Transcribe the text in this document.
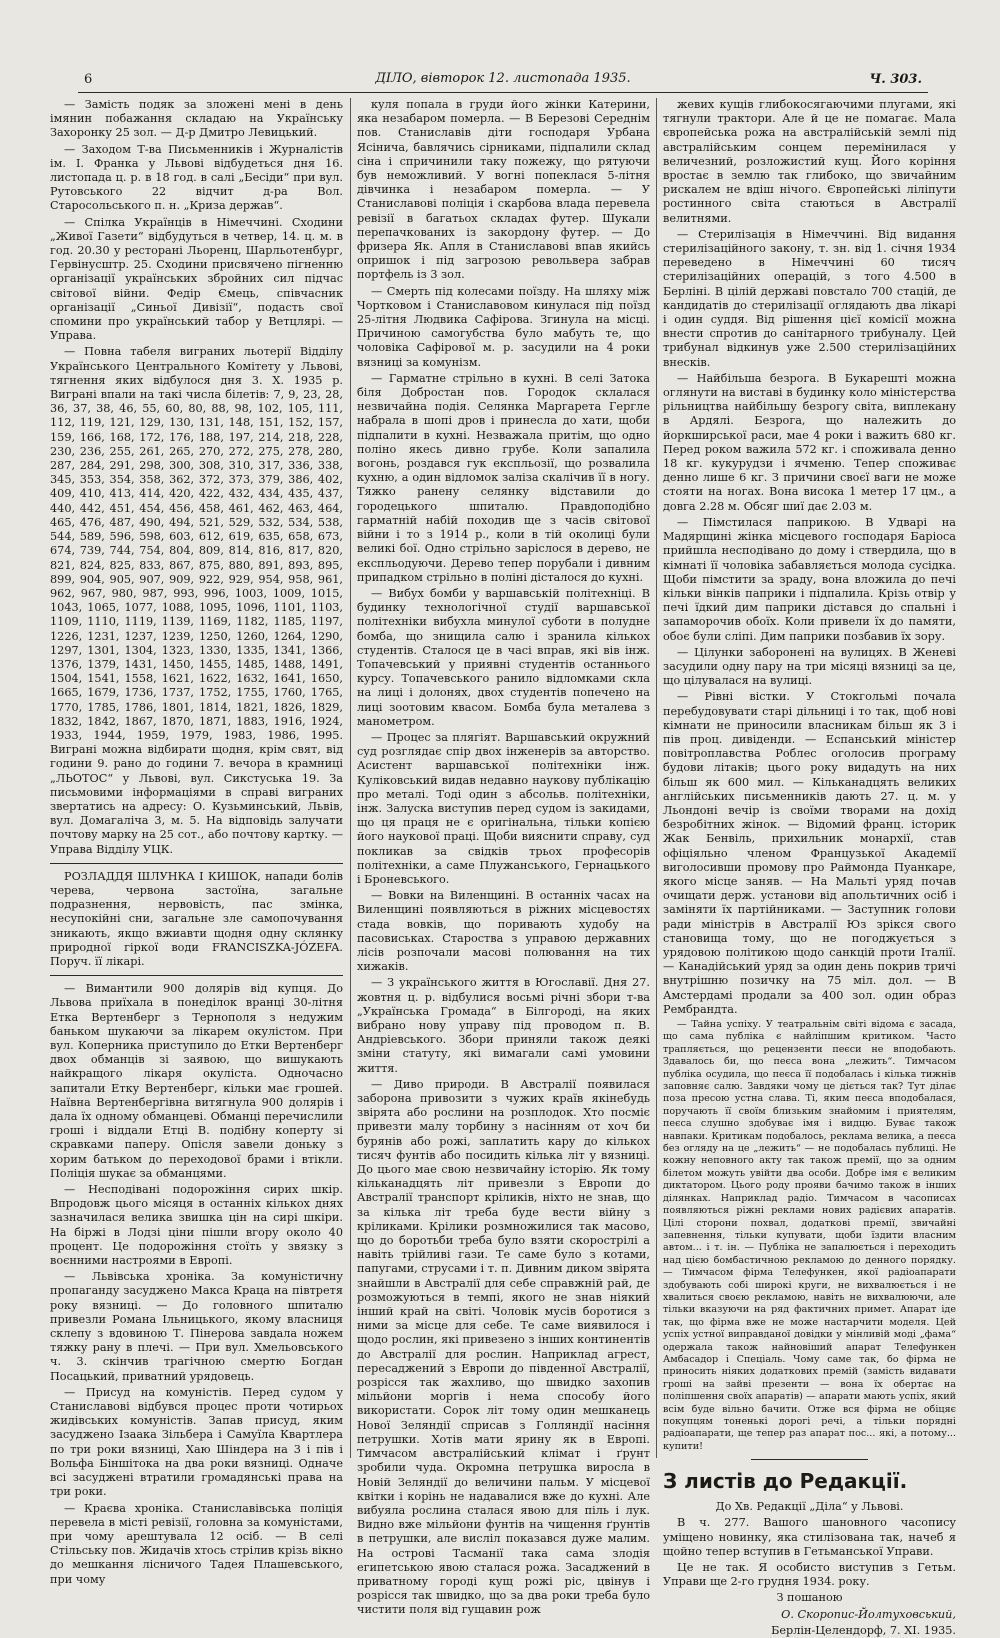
6	ДІЛО, вівторок 12. листопада 1935.	Ч. 303.

— Замість подяк за зложені мені в день імянин побажання складаю на Українську Захоронку 25 зол. — Д-р Дмитро Левицький.

— Заходом Т-ва Письменників і Журналістів ім. І. Франка у Львові відбудеться дня 16. листопада ц. р. в 18 год. в салі „Бесіди“ при вул. Рутовського 22 відчит д-ра Вол. Старосольського п. н. „Криза держав“.

— Спілка Українців в Німеччині. Сходини „Живої Газети“ відбудуться в четвер, 14. ц. м. в год. 20.30 у ресторані Льоренц, Шарльотенбург, Гервінусштр. 25. Сходини присвячено пігненню організації українських збройних сил підчас світової війни. Федір Ємець, співчасник організації „Синьої Дивізії“, подасть свої спомини про український табор у Ветцлярі. — Управа.

— Повна табеля виграних льотерії Відділу Українського Центрального Комітету у Львові, тягнення яких відбулося дня 3. Х. 1935 р. Виграні впали на такі числа білетів: 7, 9, 23, 28, 36, 37, 38, 46, 55, 60, 80, 88, 98, 102, 105, 111, 112, 119, 121, 129, 130, 131, 148, 151, 152, 157, 159, 166, 168, 172, 176, 188, 197, 214, 218, 228, 230, 236, 255, 261, 265, 270, 272, 275, 278, 280, 287, 284, 291, 298, 300, 308, 310, 317, 336, 338, 345, 353, 354, 358, 362, 372, 373, 379, 386, 402, 409, 410, 413, 414, 420, 422, 432, 434, 435, 437, 440, 442, 451, 454, 456, 458, 461, 462, 463, 464, 465, 476, 487, 490, 494, 521, 529, 532, 534, 538, 544, 589, 596, 598, 603, 612, 619, 635, 658, 673, 674, 739, 744, 754, 804, 809, 814, 816, 817, 820, 821, 824, 825, 833, 867, 875, 880, 891, 893, 895, 899, 904, 905, 907, 909, 922, 929, 954, 958, 961, 962, 967, 980, 987, 993, 996, 1003, 1009, 1015, 1043, 1065, 1077, 1088, 1095, 1096, 1101, 1103, 1109, 1110, 1119, 1139, 1169, 1182, 1185, 1197, 1226, 1231, 1237, 1239, 1250, 1260, 1264, 1290, 1297, 1301, 1304, 1323, 1330, 1335, 1341, 1366, 1376, 1379, 1431, 1450, 1455, 1485, 1488, 1491, 1504, 1541, 1558, 1621, 1622, 1632, 1641, 1650, 1665, 1679, 1736, 1737, 1752, 1755, 1760, 1765, 1770, 1785, 1786, 1801, 1814, 1821, 1826, 1829, 1832, 1842, 1867, 1870, 1871, 1883, 1916, 1924, 1933, 1944, 1959, 1979, 1983, 1986, 1995. Виграні можна відбирати щодня, крім свят, від години 9. рано до години 7. вечора в крамниці „ЛЬОТОС“ у Львові, вул. Сикстуська 19. За письмовими інформаціями в справі виграних звертатись на адресу: О. Кузьминський, Львів, вул. Домагаліча 3, м. 5. На відповідь залучати почтову марку на 25 сот., або почтову картку. — Управа Відділу УЦК.

РОЗЛАДДЯ ШЛУНКА І КИШОК, напади болів черева, червона застоїна, загальне подразнення, нервовість, пас змінка, несупокійні сни, загальне зле самопочування зникають, якщо вжиавти щодня одну склянку природної гіркої води FRANCISZKA-JÓZEFA. Поруч. її лікарі.

— Вимантили 900 долярів від купця. До Львова приїхала в понеділок вранці 30-літня Етка Вертенберг з Тернополя з недужим баньком шукаючи за лікарем окулістом. При вул. Коперника приступило до Етки Вертенберг двох обманців зі заявою, що вишукають найкращого лікаря окуліста. Одночасно запитали Етку Вертенберг, кільки має грошей. Наївна Вертенбергівна витягнула 900 долярів і дала їх одному обманцеві. Обманці перечислили гроші і віддали Етці В. подібну коперту зі скравками паперу. Опісля завели доньку з хорим батьком до переходової брами і втікли. Поліція шукає за обманцями.

— Несподівані подорожіння сирих шкір. Впродовж цього місяця в останніх кількох днях зазначилася велика звишка цін на сирі шкіри. На біржі в Лодзі ціни пішли вгору около 40 процент. Це подорожіння стоїть у звязку з воєнними настроями в Европі.

— Львівська хроніка. За комуністичну пропаганду засуджено Макса Краца на півтретя року вязниці. — До головного шпиталю привезли Романа Ільницького, якому власниця склепу з вдовиною Т. Пінерова завдала ножем тяжку рану в плечі. — При вул. Хмельовського ч. 3. скінчив трагічною смертю Богдан Посацький, приватний урядовець.

— Присуд на комуністів. Перед судом у Станиславові відбувся процес проти чотирьох жидівських комуністів. Запав присуд, яким засуджено Ізаака Зільбера і Самуїла Квартлера по три роки вязниці, Хаю Шіндера на 3 і пів і Вольфа Біншітока на два роки вязниці. Одначе всі засуджені втратили громадянські права на три роки.

— Краєва хроніка. Станиславівська поліція перевела в місті ревізії, головна за комуністами, при чому арештувала 12 осіб. — В селі Стільську пов. Жидачів хтось стрілив крізь вікно до мешкання лісничого Тадея Плашевського, при чому

куля попала в груди його жінки Катерини, яка незабаром померла. — В Березові Середнім пов. Станиславів діти господаря Урбана Ясінича, бавлячись сірниками, підпалили склад сіна і спричинили таку пожежу, що рятуючи був неможливий. У вогні попеклася 5-літня дівчинка і незабаром померла. — У Станиславові поліція і скарбова влада перевела ревізії в багатьох складах футер. Шукали перепачкованих із закордону футер. — До фризера Як. Апля в Станиславові впав якийсь опришок і під загрозою револьвера забрав портфель із 3 зол.

— Смерть під колесами поїзду. На шляху між Чортковом і Станиславовом кинулася під поїзд 25-літня Людвика Сафірова. Згинула на місці. Причиною самогубства було мабуть те, що чоловіка Сафірової м. р. засудили на 4 роки вязниці за комунізм.

— Гарматне стрільно в кухні. В селі Затока біля Добростан пов. Городок склалася незвичайна подія. Селянка Маргарета Гергле набрала в шопі дров і принесла до хати, щоби підпалити в кухні. Незважала притім, що одно поліно якесь дивно грубе. Коли запалила вогонь, роздався гук експльозії, що розвалила кухню, а один відломок заліза скалічив її в ногу. Тяжко ранену селянку відставили до городецького шпиталю. Правдоподібно гарматній набій походив ще з часів світової війни і то з 1914 р., коли в тій околиці були великі бої. Одно стрільно заріслося в дерево, не експльодуючи. Дерево тепер порубали і дивним припадком стрільно в поліні дісталося до кухні.

— Вибух бомби у варшавській політехніці. В будинку технологічної студії варшавської політехніки вибухла минулої суботи в полудне бомба, що знищила салю і зранила кількох студентів. Сталося це в часі вправ, які вів інж. Топачевський у приявні студентів останнього курсу. Топачевського ранило відломками скла на лиці і долонях, двох студентів попечено на лиці зоотовим квасом. Бомба була металева з манометром.

— Процес за плягіят. Варшавський окружний суд розглядає спір двох інженерів за авторство. Асистент варшавської політехніки інж. Куліковський видав недавно наукову публікацію про металі. Тоді один з абсольв. політехніки, інж. Залуска виступив перед судом із закидами, що ця праця не є оригінальна, тільки копією його наукової праці. Щоби вияснити справу, суд покликав за свідків трьох професорів політехніки, а саме Плужанського, Гернацького і Броневського.

— Вовки на Виленщині. В останніх часах на Виленщині появляються в ріжних місцевостях стада вовків, що поривають худобу на пасовиськах. Староства з управою державних лісів розпочали масові полювання на тих хижаків.

— З українського життя в Югославії. Дня 27. жовтня ц. р. відбулися восьмі річні збори т-ва „Українська Громада“ в Білгороді, на яких вибрано нову управу під проводом п. В. Андріевського. Збори приняли також деякі зміни статуту, які вимагали самі умовини життя.

— Диво природи. В Австралії появилася заборона привозити з чужих країв якінебудь звірята або рослини на розплодок. Хто посміє привезти малу торбину з насінням от хоч би бурянів або рожі, заплатить кару до кількох тисяч фунтів або посидить кілька літ у вязниці. До цього мае свою незвичайну історію. Як тому кільканадцять літ привезли з Европи до Австралії транспорт кріликів, ніхто не знав, що за кілька літ треба буде вести війну з кріликами. Крілики розмножилися так масово, що до боротьби треба було взяти скорострілі а навіть трійливі гази. Те саме було з котами, папугами, струсами і т. п. Дивним диком звірята знайшли в Австралії для себе справжній рай, де розможуються в темпі, якого не знав ніякий інший край на світі. Чоловік мусів боротися з ними за місце для себе. Те саме виявилося і щодо рослин, які привезено з інших континентів до Австралії для рослин. Наприклад агрест, пересаджений з Европи до південної Австралії, розрісся так жахливо, що швидко захопив мільйони моргів і нема способу його використати. Сорок літ тому один мешканець Нової Зеляндії сприсав з Голляндії насіння петрушки. Хотів мати ярину як в Европі. Тимчасом австралійський клімат і ґрунт зробили чуда. Окромна петрушка виросла в Новій Зеляндії до величини пальм. У місцевої квітки і корінь не надавалися вже до кухні. Але вибуяла рослина сталася явою для піль і лук. Видно вже мільйони фунтів на чищення ґрунтів в петрушки, але висліл показався дуже малим. На острові Тасманії така сама злодія египетською явою сталася рожа. Засаджений в приватному городі кущ рожі ріс, цвінув і розрісся так швидко, що за два роки треба було чистити поля від гущавин рож

жевих кущів глибокосягаючими плугами, які тягнули трактори. Але й це не помагає. Мала європейська рожа на австралійській землі під австралійським сонцем перемінилася у величезний, розложистий кущ. Його коріння вростає в землю так глибоко, що звичайним рискалем не вдіш нічого. Європейські ліліпути ростинного світа стаються в Австралії велитнями.

— Стерилізація в Німеччині. Від видання стерилізаційного закону, т. зн. від 1. січня 1934 переведено в Німеччині 60 тисяч стерилізаційних операцій, з того 4.500 в Берліні. В цілій державі повстало 700 стацій, де кандидатів до стерилізації оглядають два лікарі і один суддя. Від рішення цієї комісії можна внести спротив до санітарного трибуналу. Цей трибунал відкинув уже 2.500 стерилізаційних внесків.

— Найбільша безрога. В Букарешті можна оглянути на виставі в будинку коло міністерства рільництва найбільшу безрогу світа, виплекану в Ардялі. Безрога, що належить до йоркширської раси, мае 4 роки і важить 680 кг. Перед роком важила 572 кг. і споживала денно 18 кг. кукурудзи і ячменю. Тепер споживає денно лише 6 кг. З причини своєї ваги не може стояти на ногах. Вона висока 1 метер 17 цм., а довга 2.28 м. Обсяг шиї дає 2.03 м.

— Пімстилася паприкою. В Удварі на Мадярщині жінка місцевого господаря Баріоса прийшла несподівано до дому і ствердила, що в кімнаті її чоловіка забавляється молода сусідка. Щоби пімстити за зраду, вона вложила до печі кільки вінків паприки і підпалила. Крізь отвір у печі їдкий дим паприки дістався до спальні і запаморочив обоїх. Коли привели їх до памяти, обоє були сліпі. Дим паприки позбавив їх зору.

— Цілунки заборонені на вулицях. В Женеві засудили одну пару на три місяці вязниці за це, що цілувалася на вулиці.

— Рівні вістки. У Стокгольмі почала перебудовувати старі дільниці і то так, щоб нові кімнати не приносили власникам більш як 3 і пів проц. дивіденди. — Еспанський міністер повітроплавства Роблес оголосив програму будови літаків; цього року видадуть на них більш як 600 мил. — Кільканадцять великих англійських письменників дають 27. ц. м. у Льондоні вечір із своїми творами на дохід безробітних жінок. — Відомий франц. історик Жак Бенвіль, прихильник монархії, став офіціяльно членом Французької Академії виголосивши промову про Раймонда Пуанкаре, якого місце заняв. — На Мальті уряд почав очищати держ. установи від апольтичних осіб і заміняти їх партійниками. — Заступник голови ради міністрів в Австралії Юз зрікся свого становища тому, що не погоджується з урядовою політикою щодо санкцій проти Італії. — Канадійський уряд за один день покрив тричі внутрішню позичку на 75 міл. дол. — В Амстердамі продали за 400 зол. один образ Рембрандта.

— Тайна успіху. У театральнім світі відома є засада, що сама публіка є найліпшим критиком. Часто трапляється, що рецензенти пеєси не вподобають. Здавалось би, що пеєса вона „лежить“. Тимчасом публіка осудила, що пеєса її подобалась і кілька тижнів заповняє салю. Завдяки чому це діється так? Тут ділає поза пресою устна слава. Ті, яким пеєса вподобалася, поручають її своїм близьким знайомим і приятелям, пеєса слушно здобуває імя і видцю. Буває також навпаки. Критикам подобалось, реклама велика, а пеєса без огляду на це „лежить“ — не подобалась публиці. Не кожну неповного акту так також премії, що за одним білетом можуть увійти два особи. Добре імя є великим диктатором. Цього роду прояви бачимо також в інших ділянках. Наприклад радіо. Тимчасом в часописах появляються ріжні реклами нових радієвих апаратів. Цілі сторони похвал, додаткові премії, звичайні запевнення, тільки купувати, щоби їздити власним автом... і т. ін. — Публіка не запалюється і переходить над цією бомбастичною рекламою до денного порядку. — Тимчасом фірма Телефункен, якої радіоапарати здобувають собі широкі круги, не вихвалюється і не хвалиться своєю рекламою, навіть не вихвалюючи, але тільки вказуючи на ряд фактичних примет. Апарат іде так, що фірма вже не може настарчити моделя. Цей успіх устної виправданої довідки у мінливій моді „фама“ одержала також найновіший апарат Телефункен Амбасадор і Спеціаль. Чому саме так, бо фірма не приносить ніяких додаткових премій (замість видавати гроші на зайві презенти — вона їх обертає на поліпшення своїх апаратів) — апарати мають успіх, який всім буде вільно бачити. Отже вся фірма не обіцяє покупцям тоненькі дорогі речі, а тільки порядні радіоапарати, ще тепер раз апарат пос... які, а потому... купити!

З листів до Редакції.

До Хв. Редакції „Діла“ у Львові.

В ч. 277. Вашого шановного часопису уміщено новинку, яка стилізована так, начеб я щойно тепер вступив в Гетьманської Управи.

Це не так. Я особисто виступив з Гетьм. Управи ще 2-го грудня 1934. року.

З пошаною

О. Скоропис-Йолтуховський,

Берлін-Целендорф, 7. XI. 1935.
